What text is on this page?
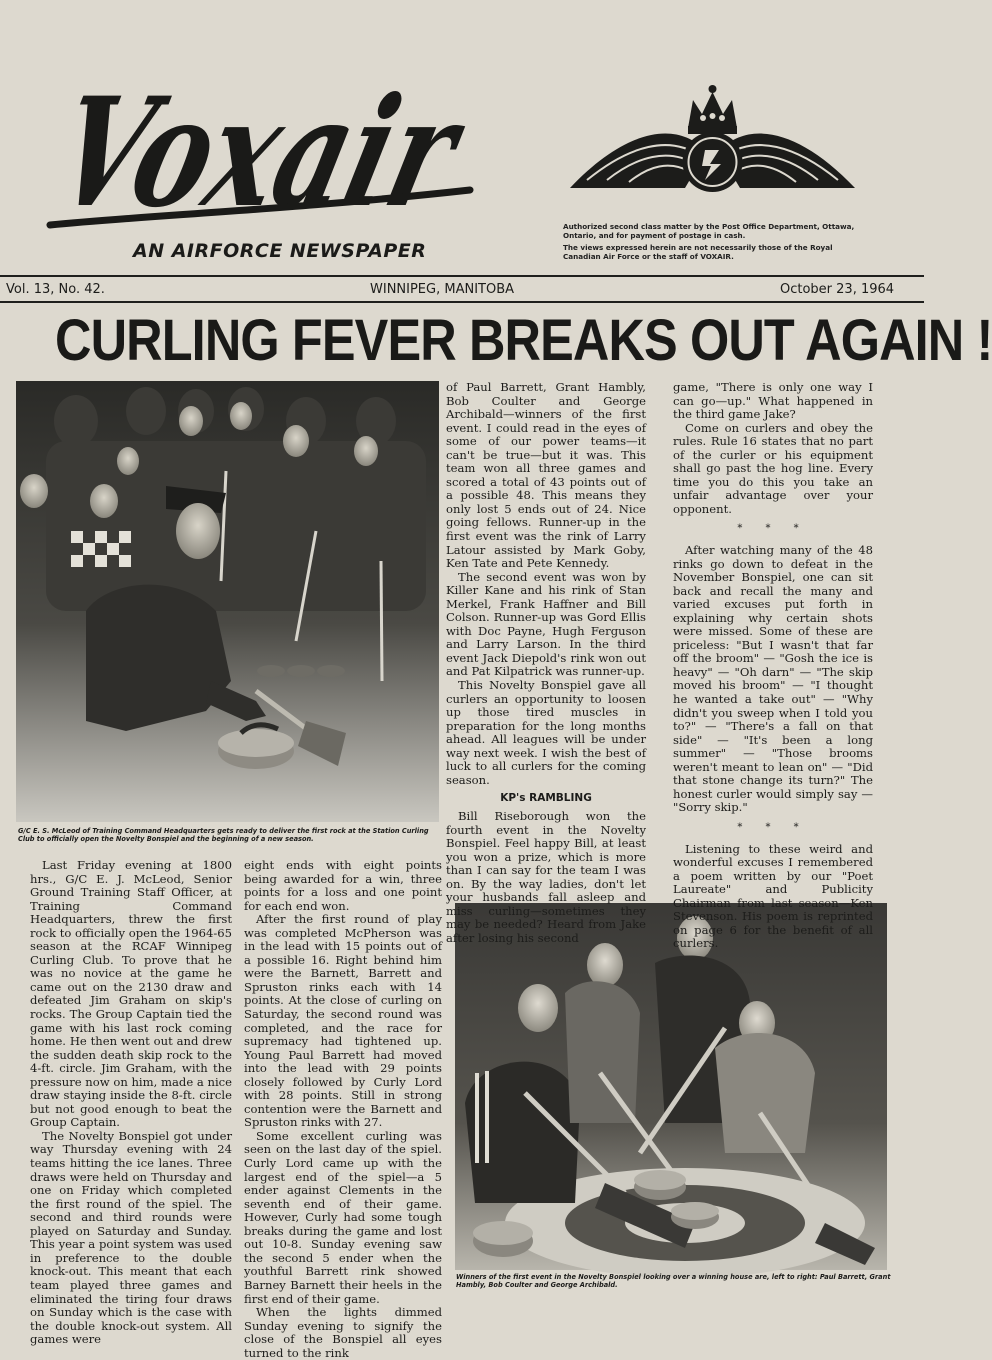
Voxair
AN AIRFORCE NEWSPAPER

Authorized second class matter by the Post Office Department, Ottawa, Ontario, and for payment of postage in cash.

The views expressed herein are not necessarily those of the Royal Canadian Air Force or the staff of VOXAIR.

Vol. 13, No. 42.	WINNIPEG, MANITOBA	October 23, 1964
CURLING FEVER BREAKS OUT AGAIN !
G/C E. S. McLeod of Training Command Headquarters gets ready to deliver the first rock at the Station Curling Club to officially open the Novelty Bonspiel and the beginning of a new season.
Winners of the first event in the Novelty Bonspiel looking over a winning house are, left to right: Paul Barrett, Grant Hambly, Bob Coulter and George Archibald.

Last Friday evening at 1800 hrs., G/C E. J. McLeod, Senior Ground Training Staff Officer, at Training Command Headquarters, threw the first rock to officially open the 1964-65 season at the RCAF Winnipeg Curling Club. To prove that he was no novice at the game he came out on the 2130 draw and defeated Jim Graham on skip's rocks. The Group Captain tied the game with his last rock coming home. He then went out and drew the sudden death skip rock to the 4-ft. circle. Jim Graham, with the pressure now on him, made a nice draw staying inside the 8-ft. circle but not good enough to beat the Group Captain.

The Novelty Bonspiel got under way Thursday evening with 24 teams hitting the ice lanes. Three draws were held on Thursday and one on Friday which completed the first round of the spiel. The second and third rounds were played on Saturday and Sunday. This year a point system was used in preference to the double knock-out. This meant that each team played three games and eliminated the tiring four draws on Sunday which is the case with the double knock-out system. All games were

eight ends with eight points being awarded for a win, three points for a loss and one point for each end won.

After the first round of play was completed McPherson was in the lead with 15 points out of a possible 16. Right behind him were the Barnett, Barrett and Spruston rinks each with 14 points. At the close of curling on Saturday, the second round was completed, and the race for supremacy had tightened up. Young Paul Barrett had moved into the lead with 29 points closely followed by Curly Lord with 28 points. Still in strong contention were the Barnett and Spruston rinks with 27.

Some excellent curling was seen on the last day of the spiel. Curly Lord came up with the largest end of the spiel—a 5 ender against Clements in the seventh end of their game. However, Curly had some tough breaks during the game and lost out 10-8. Sunday evening saw the second 5 ender when the youthful Barrett rink showed Barney Barnett their heels in the first end of their game.

When the lights dimmed Sunday evening to signify the close of the Bonspiel all eyes turned to the rink

of Paul Barrett, Grant Hambly, Bob Coulter and George Archibald—winners of the first event. I could read in the eyes of some of our power teams—it can't be true—but it was. This team won all three games and scored a total of 43 points out of a possible 48. This means they only lost 5 ends out of 24. Nice going fellows. Runner-up in the first event was the rink of Larry Latour assisted by Mark Goby, Ken Tate and Pete Kennedy.

The second event was won by Killer Kane and his rink of Stan Merkel, Frank Haffner and Bill Colson. Runner-up was Gord Ellis with Doc Payne, Hugh Ferguson and Larry Larson. In the third event Jack Diepold's rink won out and Pat Kilpatrick was runner-up.

This Novelty Bonspiel gave all curlers an opportunity to loosen up those tired muscles in preparation for the long months ahead. All leagues will be under way next week. I wish the best of luck to all curlers for the coming season.

KP's RAMBLING

Bill Riseborough won the fourth event in the Novelty Bonspiel. Feel happy Bill, at least you won a prize, which is more than I can say for the team I was on. By the way ladies, don't let your husbands fall asleep and miss curling—sometimes they may be needed? Heard from Jake after losing his second

game, "There is only one way I can go—up." What happened in the third game Jake?

Come on curlers and obey the rules. Rule 16 states that no part of the curler or his equipment shall go past the hog line. Every time you do this you take an unfair advantage over your opponent.

* * *

After watching many of the 48 rinks go down to defeat in the November Bonspiel, one can sit back and recall the many and varied excuses put forth in explaining why certain shots were missed. Some of these are priceless: "But I wasn't that far off the broom" — "Gosh the ice is heavy" — "Oh darn" — "The skip moved his broom" — "I thought he wanted a take out" — "Why didn't you sweep when I told you to?" — "There's a fall on that side" — "It's been a long summer" — "Those brooms weren't meant to lean on" — "Did that stone change its turn?" The honest curler would simply say — "Sorry skip."

* * *

Listening to these weird and wonderful excuses I remembered a poem written by our "Poet Laureate" and Publicity Chairman from last season—Ken Stevenson. His poem is reprinted on page 6 for the benefit of all curlers.
